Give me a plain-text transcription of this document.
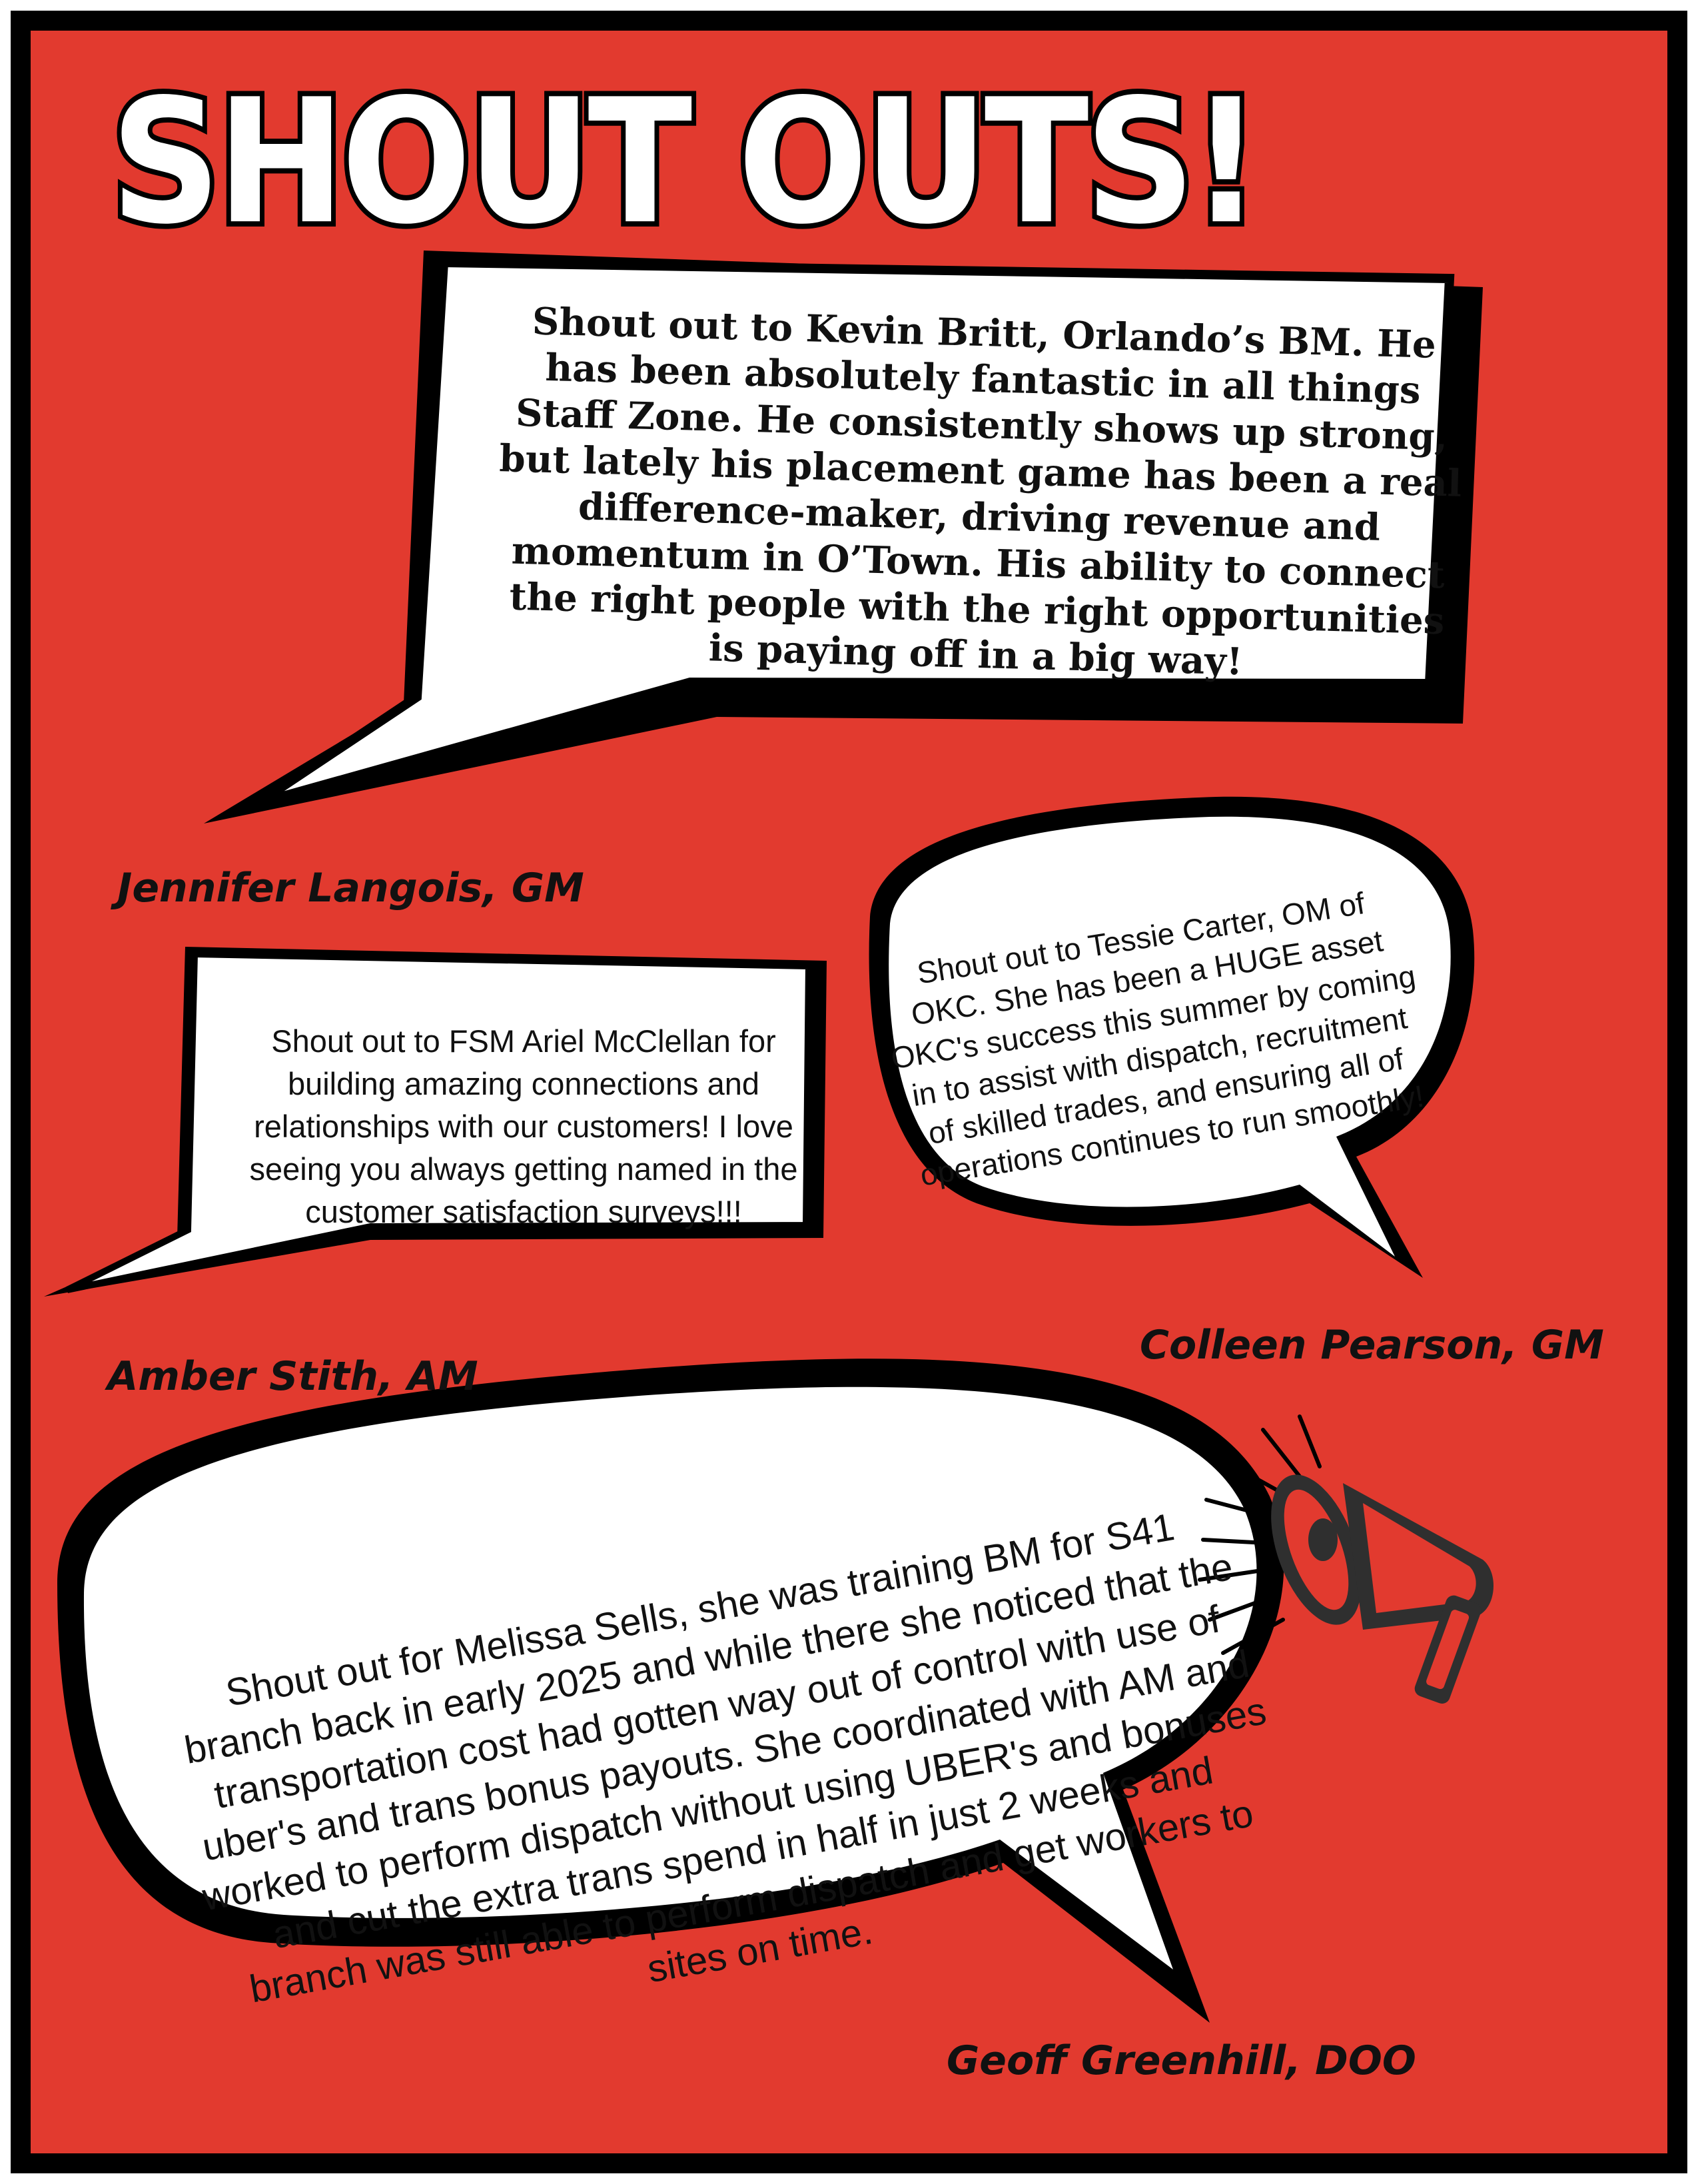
SHOUT OUTS!
Shout out to Kevin Britt, Orlando’s BM. He has been absolutely fantastic in all things Staff Zone. He consistently shows up strong, but lately his placement game has been a real difference-maker, driving revenue and momentum in O’Town. His ability to connect the right people with the right opportunities is paying off in a big way!
Jennifer Langois, GM
Shout out to FSM Ariel McClellan for building amazing connections and relationships with our customers! I love seeing you always getting named in the customer satisfaction surveys!!!
Amber Stith, AM
Shout out to Tessie Carter, OM of OKC. She has been a HUGE asset OKC's success this summer by coming in to assist with dispatch, recruitment of skilled trades, and ensuring all of operations continues to run smoothly!
Colleen Pearson, GM
Shout out for Melissa Sells, she was training BM for S41 branch back in early 2025 and while there she noticed that the transportation cost had gotten way out of control with use of uber's and trans bonus payouts. She coordinated with AM and worked to perform dispatch without using UBER's and bonuses and cut the extra trans spend in half in just 2 weeks and branch was still able to perform dispatch and get workers to sites on time.
Geoff Greenhill, DOO
